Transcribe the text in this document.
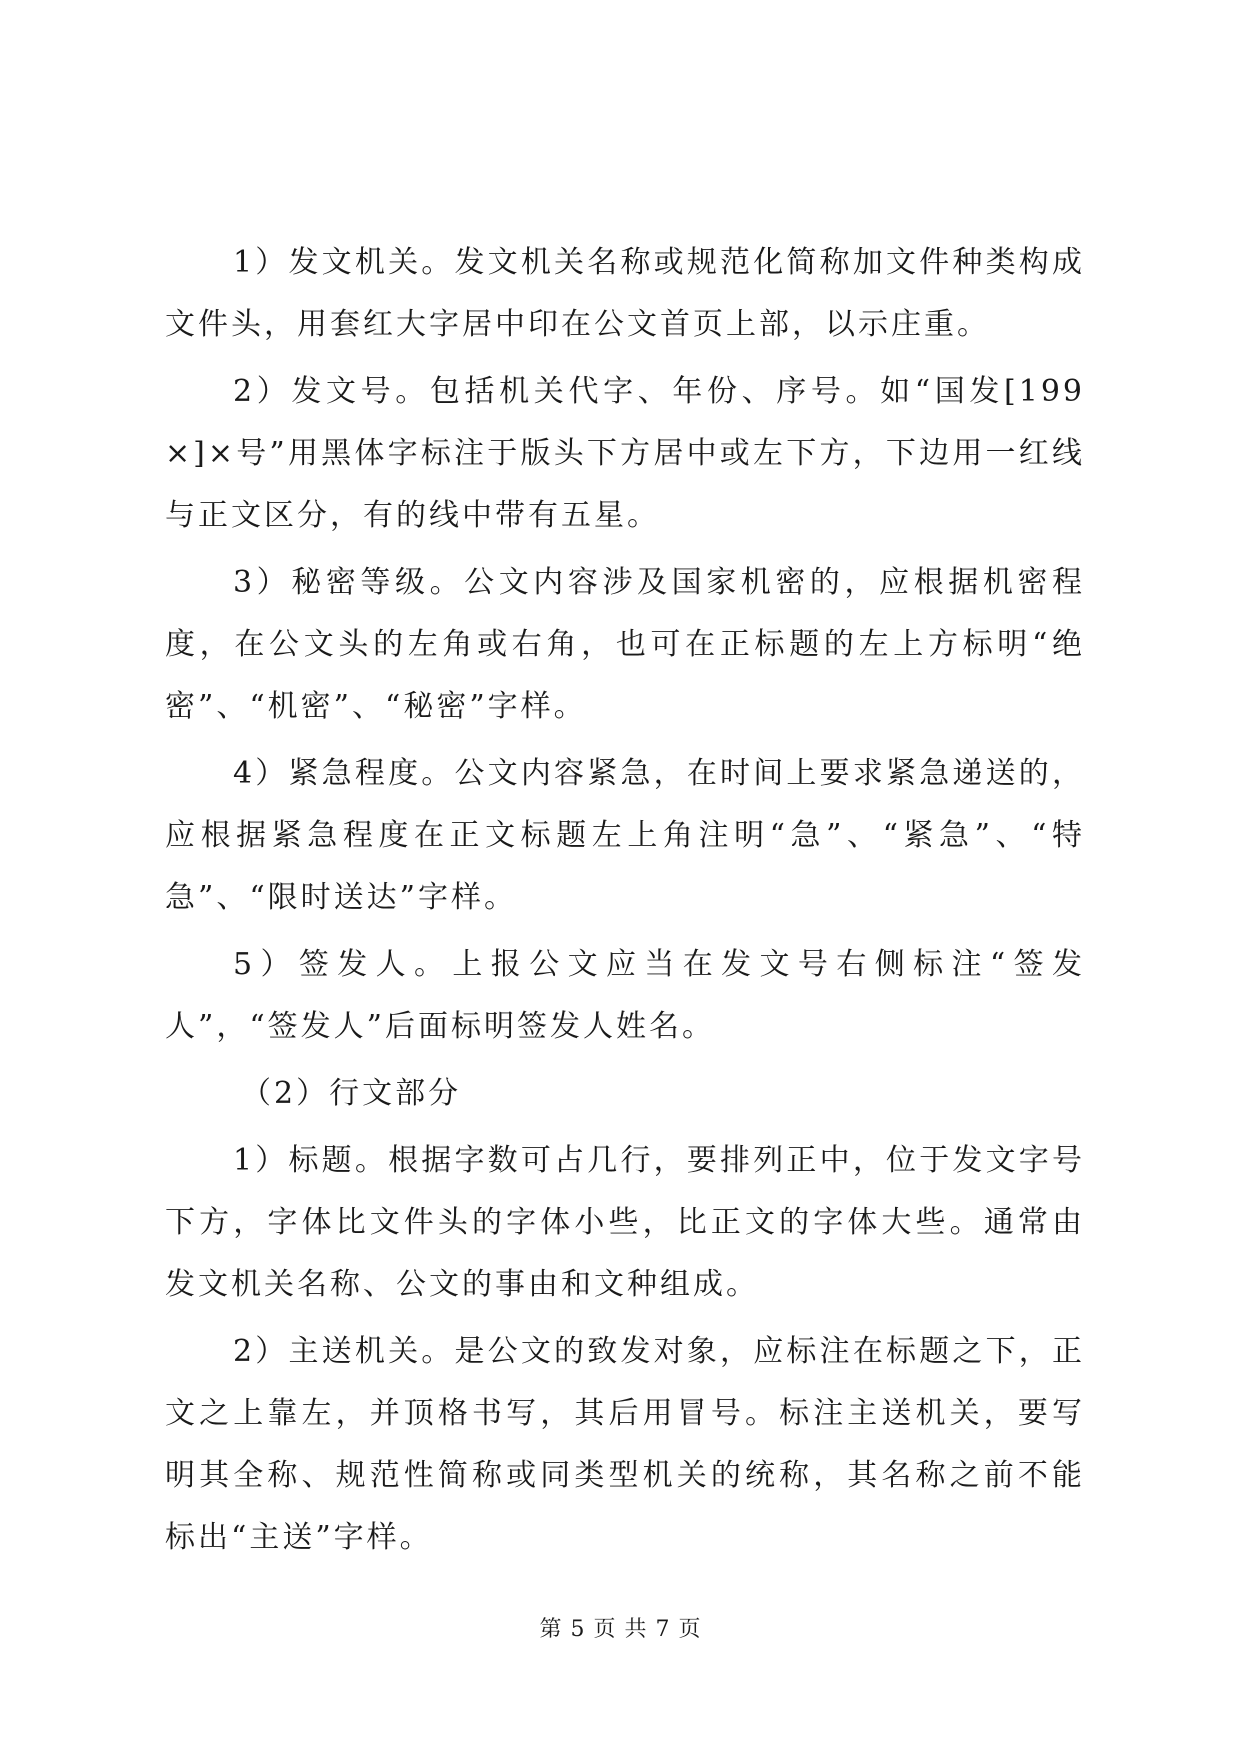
1）发文机关。发文机关名称或规范化简称加文件种类构成文件头，用套红大字居中印在公文首页上部，以示庄重。

2）发文号。包括机关代字、年份、序号。如“国发[199×]×号”用黑体字标注于版头下方居中或左下方，下边用一红线与正文区分，有的线中带有五星。

3）秘密等级。公文内容涉及国家机密的，应根据机密程度，在公文头的左角或右角，也可在正标题的左上方标明“绝密”、“机密”、“秘密”字样。

4）紧急程度。公文内容紧急，在时间上要求紧急递送的，应根据紧急程度在正文标题左上角注明“急”、“紧急”、“特急”、“限时送达”字样。

5）签发人。上报公文应当在发文号右侧标注“签发人”，“签发人”后面标明签发人姓名。

（2）行文部分

1）标题。根据字数可占几行，要排列正中，位于发文字号下方，字体比文件头的字体小些，比正文的字体大些。通常由发文机关名称、公文的事由和文种组成。

2）主送机关。是公文的致发对象，应标注在标题之下，正文之上靠左，并顶格书写，其后用冒号。标注主送机关，要写明其全称、规范性简称或同类型机关的统称，其名称之前不能标出“主送”字样。

第 5 页 共 7 页
